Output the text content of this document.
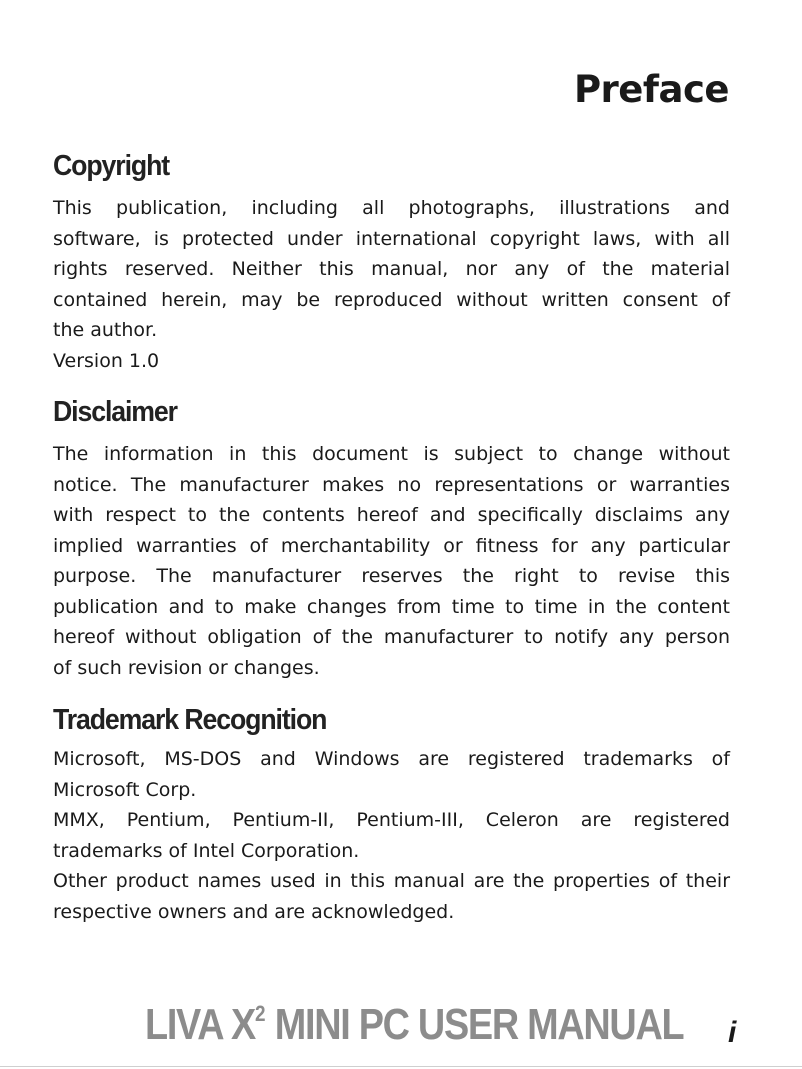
Preface
Copyright

This publication, including all photographs, illustrations and
software, is protected under international copyright laws, with all
rights reserved. Neither this manual, nor any of the material
contained herein, may be reproduced without written consent of
the author.
Version 1.0

Disclaimer

The information in this document is subject to change without
notice. The manufacturer makes no representations or warranties
with respect to the contents hereof and specifically disclaims any
implied warranties of merchantability or fitness for any particular
purpose. The manufacturer reserves the right to revise this
publication and to make changes from time to time in the content
hereof without obligation of the manufacturer to notify any person
of such revision or changes.

Trademark Recognition

Microsoft, MS-DOS and Windows are registered trademarks of
Microsoft Corp.
MMX, Pentium, Pentium-II, Pentium-III, Celeron are registered
trademarks of Intel Corporation.
Other product names used in this manual are the properties of their
respective owners and are acknowledged.

LIVA $X^2$ MINI PC USER MANUAL i
